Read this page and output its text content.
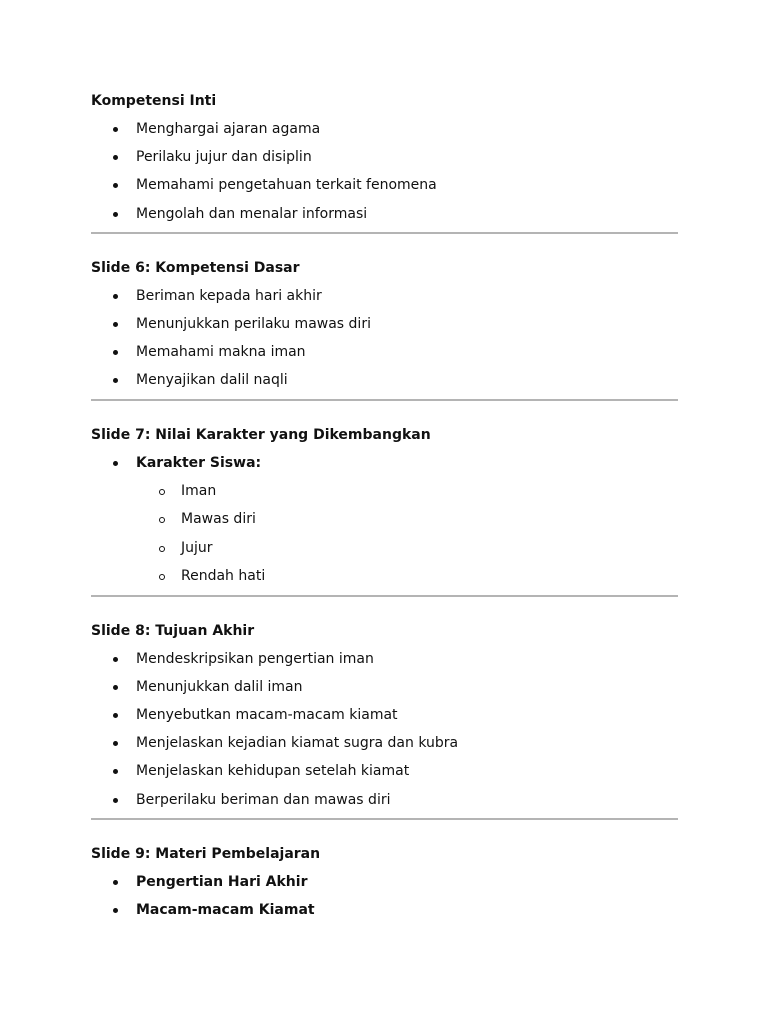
Kompetensi Inti
Menghargai ajaran agama
Perilaku jujur dan disiplin
Memahami pengetahuan terkait fenomena
Mengolah dan menalar informasi
Slide 6: Kompetensi Dasar
Beriman kepada hari akhir
Menunjukkan perilaku mawas diri
Memahami makna iman
Menyajikan dalil naqli
Slide 7: Nilai Karakter yang Dikembangkan
Karakter Siswa:
Iman
Mawas diri
Jujur
Rendah hati
Slide 8: Tujuan Akhir
Mendeskripsikan pengertian iman
Menunjukkan dalil iman
Menyebutkan macam-macam kiamat
Menjelaskan kejadian kiamat sugra dan kubra
Menjelaskan kehidupan setelah kiamat
Berperilaku beriman dan mawas diri
Slide 9: Materi Pembelajaran
Pengertian Hari Akhir
Macam-macam Kiamat
